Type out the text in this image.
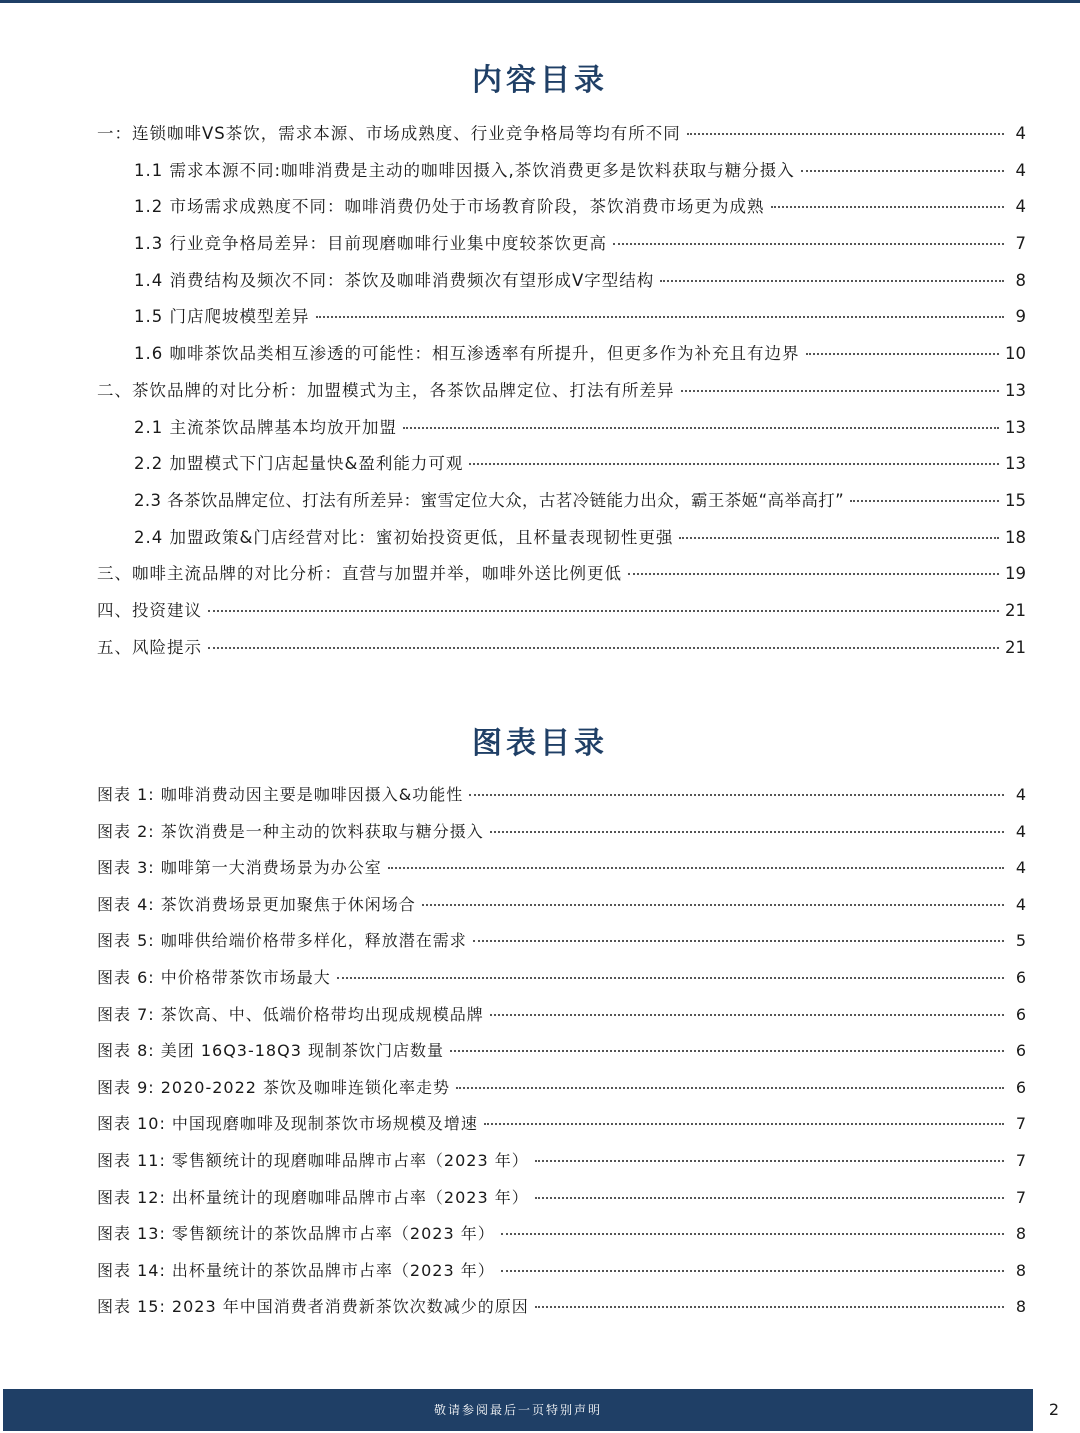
内容目录
一：连锁咖啡VS茶饮，需求本源、市场成熟度、行业竞争格局等均有所不同	4
1.1 需求本源不同:咖啡消费是主动的咖啡因摄入,茶饮消费更多是饮料获取与糖分摄入	4
1.2 市场需求成熟度不同：咖啡消费仍处于市场教育阶段，茶饮消费市场更为成熟	4
1.3 行业竞争格局差异：目前现磨咖啡行业集中度较茶饮更高	7
1.4 消费结构及频次不同：茶饮及咖啡消费频次有望形成V字型结构	8
1.5 门店爬坡模型差异	9
1.6 咖啡茶饮品类相互渗透的可能性：相互渗透率有所提升，但更多作为补充且有边界	10
二、茶饮品牌的对比分析：加盟模式为主，各茶饮品牌定位、打法有所差异	13
2.1 主流茶饮品牌基本均放开加盟	13
2.2 加盟模式下门店起量快&盈利能力可观	13
2.3 各茶饮品牌定位、打法有所差异：蜜雪定位大众，古茗冷链能力出众，霸王茶姬“高举高打”	15
2.4 加盟政策&门店经营对比：蜜初始投资更低，且杯量表现韧性更强	18
三、咖啡主流品牌的对比分析：直营与加盟并举，咖啡外送比例更低	19
四、投资建议	21
五、风险提示	21
图表目录
图表 1: 咖啡消费动因主要是咖啡因摄入&功能性	4
图表 2: 茶饮消费是一种主动的饮料获取与糖分摄入	4
图表 3: 咖啡第一大消费场景为办公室	4
图表 4: 茶饮消费场景更加聚焦于休闲场合	4
图表 5: 咖啡供给端价格带多样化，释放潜在需求	5
图表 6: 中价格带茶饮市场最大	6
图表 7: 茶饮高、中、低端价格带均出现成规模品牌	6
图表 8: 美团 16Q3-18Q3 现制茶饮门店数量	6
图表 9: 2020-2022 茶饮及咖啡连锁化率走势	6
图表 10: 中国现磨咖啡及现制茶饮市场规模及增速	7
图表 11: 零售额统计的现磨咖啡品牌市占率（2023 年）	7
图表 12: 出杯量统计的现磨咖啡品牌市占率（2023 年）	7
图表 13: 零售额统计的茶饮品牌市占率（2023 年）	8
图表 14: 出杯量统计的茶饮品牌市占率（2023 年）	8
图表 15: 2023 年中国消费者消费新茶饮次数减少的原因	8
敬请参阅最后一页特别声明	2
